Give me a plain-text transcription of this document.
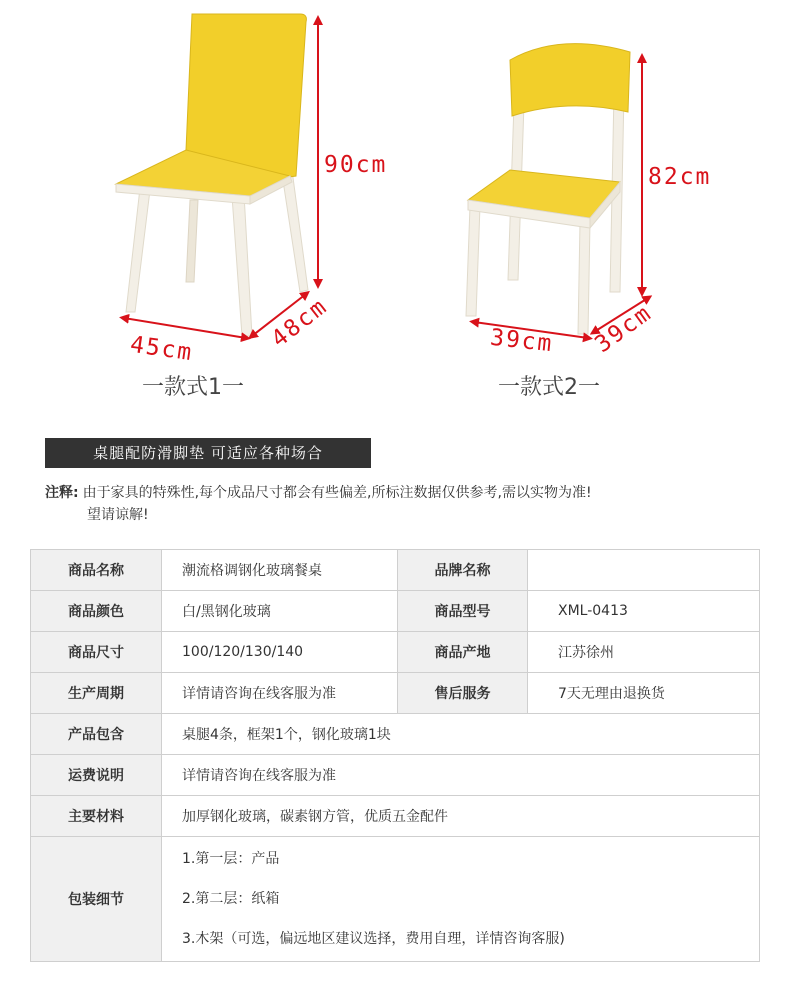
90cm
45cm	48cm
一款式1一
82cm
39cm 39cm
一款式2一
桌腿配防滑脚垫 可适应各种场合
注释: 由于家具的特殊性,每个成品尺寸都会有些偏差,所标注数据仅供参考,需以实物为准!
望请谅解!
商品名称	潮流格调钢化玻璃餐桌	品牌名称	
商品颜色	白/黑钢化玻璃	商品型号	XML-0413
商品尺寸	100/120/130/140	商品产地	江苏徐州
生产周期	详情请咨询在线客服为准	售后服务	7天无理由退换货
产品包含	桌腿4条，框架1个，钢化玻璃1块		
运费说明	详情请咨询在线客服为准		
主要材料	加厚钢化玻璃，碳素钢方管，优质五金配件		
包装细节	1.第一层：产品
2.第二层：纸箱
3.木架（可选，偏远地区建议选择，费用自理，详情咨询客服)		
